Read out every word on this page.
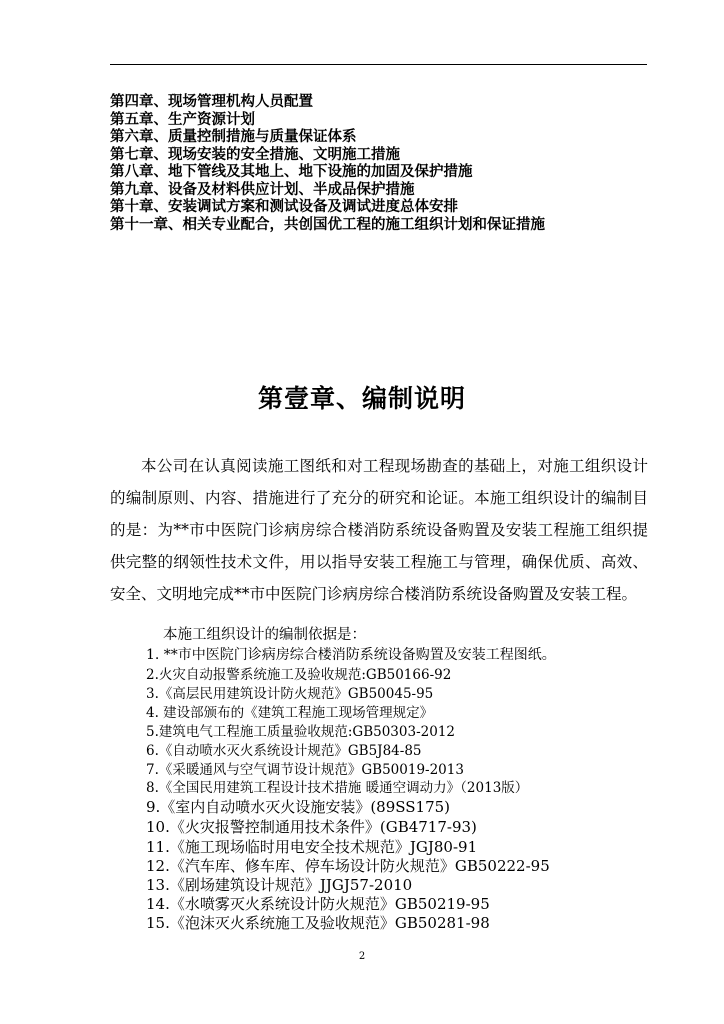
第四章、现场管理机构人员配置
第五章、生产资源计划
第六章、质量控制措施与质量保证体系
第七章、现场安装的安全措施、文明施工措施
第八章、地下管线及其地上、地下设施的加固及保护措施
第九章、设备及材料供应计划、半成品保护措施
第十章、安装调试方案和测试设备及调试进度总体安排
第十一章、相关专业配合，共创国优工程的施工组织计划和保证措施
第壹章、编制说明

本公司在认真阅读施工图纸和对工程现场勘查的基础上，对施工组织设计的编制原则、内容、措施进行了充分的研究和论证。本施工组织设计的编制目的是：为**市中医院门诊病房综合楼消防系统设备购置及安装工程施工组织提供完整的纲领性技术文件，用以指导安装工程施工与管理，确保优质、高效、安全、文明地完成**市中医院门诊病房综合楼消防系统设备购置及安装工程。

本施工组织设计的编制依据是：

1. **市中医院门诊病房综合楼消防系统设备购置及安装工程图纸。
2.火灾自动报警系统施工及验收规范:GB50166-92
3.《高层民用建筑设计防火规范》GB50045-95
4. 建设部颁布的《建筑工程施工现场管理规定》
5.建筑电气工程施工质量验收规范:GB50303-2012
6.《自动喷水灭火系统设计规范》GB5J84-85
7.《采暖通风与空气调节设计规范》GB50019-2013
8.《全国民用建筑工程设计技术措施 暖通空调动力》（2013版）
9.《室内自动喷水灭火设施安装》(89SS175)
10.《火灾报警控制通用技术条件》(GB4717-93)
11.《施工现场临时用电安全技术规范》JGJ80-91
12.《汽车库、修车库、停车场设计防火规范》GB50222-95
13.《剧场建筑设计规范》JJGJ57-2010
14.《水喷雾灭火系统设计防火规范》GB50219-95
15.《泡沫灭火系统施工及验收规范》GB50281-98
2
